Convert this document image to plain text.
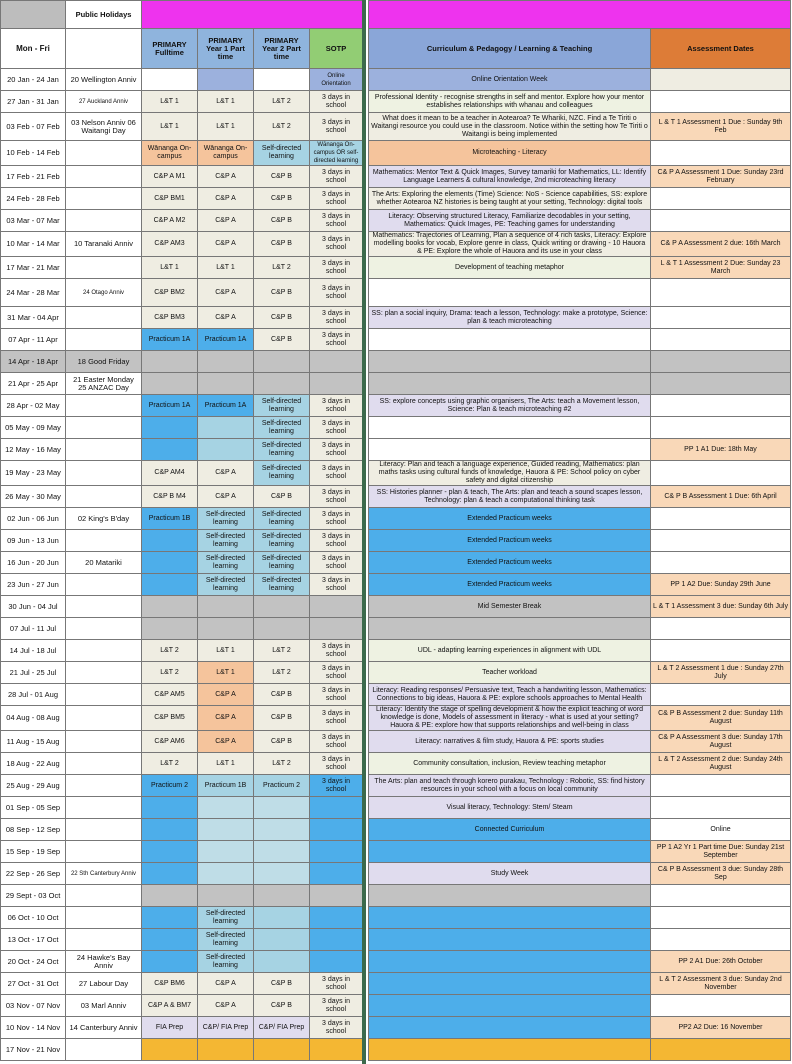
	Public Holidays							
Mon - Fri		PRIMARY Fulltime	PRIMARY Year 1 Part time	PRIMARY Year 2 Part time	SOTP		Curriculum & Pedagogy / Learning & Teaching	Assessment Dates
20 Jan - 24 Jan	20 Wellington Anniv				Online Orientation		Online Orientation Week	
27 Jan - 31 Jan	27 Auckland Anniv	L&T 1	L&T 1	L&T 2	3 days in school		Professional Identity - recognise strengths in self and mentor. Explore how your mentor establishes relationships with whanau and colleagues	
03 Feb - 07 Feb	03 Nelson Anniv 06 Waitangi Day	L&T 1	L&T 1	L&T 2	3 days in school		What does it mean to be a teacher in Aotearoa? Te Whariki, NZC. Find a Te Tiriti o Waitangi resource you could use in the classroom. Notice within the setting how Te Tiriti o Waitangi is being implemented	L & T 1 Assessment 1 Due : Sunday 9th Feb
10 Feb - 14 Feb		Wānanga On-campus	Wānanga On-campus	Self-directed learning	Wānanga On-campus OR self-directed learning		Microteaching - Literacy	
17 Feb - 21 Feb		C&P A M1	C&P A	C&P B	3 days in school		Mathematics: Mentor Text & Quick Images, Survey tamariki for Mathematics, LL: Identify Language Learners & cultural knowledge, 2nd microteaching literacy	C& P A Assessment 1 Due: Sunday 23rd February
24 Feb - 28 Feb		C&P BM1	C&P A	C&P B	3 days in school		The Arts: Exploring the elements (Time) Science: NoS - Science capabilities, SS: explore whether Aotearoa NZ histories is being taught at your setting, Technology: digital tools	
03 Mar - 07 Mar		C&P A M2	C&P A	C&P B	3 days in school		Literacy: Observing structured Literacy, Familiarize decodables in your setting, Mathematics: Quick Images, PE: Teaching games for understanding	
10 Mar - 14 Mar	10 Taranaki Anniv	C&P AM3	C&P A	C&P B	3 days in school		Mathematics: Trajectories of Learning, Plan a sequence of 4 rich tasks, Literacy: Explore modelling books for vocab, Explore genre in class, Quick writing or drawing - 10 Hauora & PE: Explore the whole of Hauora and its use in your class	C& P A Assessment 2 due: 16th March
17 Mar - 21 Mar		L&T 1	L&T 1	L&T 2	3 days in school		Development of teaching metaphor	L & T 1 Assessment 2 Due: Sunday 23 March
24 Mar - 28 Mar	24 Otago Anniv	C&P BM2	C&P A	C&P B	3 days in school			
31 Mar - 04 Apr		C&P BM3	C&P A	C&P B	3 days in school		SS: plan a social inquiry, Drama: teach a lesson, Technology: make a prototype, Science: plan & teach microteaching	
07 Apr - 11 Apr		Practicum 1A	Practicum 1A	C&P B	3 days in school			
14 Apr - 18 Apr	18 Good Friday							
21 Apr - 25 Apr	21 Easter Monday 25 ANZAC Day							
28 Apr - 02 May		Practicum 1A	Practicum 1A	Self-directed learning	3 days in school		SS: explore concepts using graphic organisers, The Arts: teach a Movement lesson, Science: Plan & teach microteaching #2	
05 May - 09 May				Self-directed learning	3 days in school			
12 May - 16 May				Self-directed learning	3 days in school			PP 1 A1 Due: 18th May
19 May - 23 May		C&P AM4	C&P A	Self-directed learning	3 days in school		Literacy: Plan and teach a language experience, Guided reading, Mathematics: plan maths tasks using cultural funds of knowledge, Hauora & PE: School policy on cyber safety and digital citizenship	
26 May - 30 May		C&P B M4	C&P A	C&P B	3 days in school		SS: Histories planner - plan & teach, The Arts: plan and teach a sound scapes lesson, Technology: plan & teach a computational thinking task	C& P B Assessment 1 Due: 6th April
02 Jun - 06 Jun	02 King's B'day	Practicum 1B	Self-directed learning	Self-directed learning	3 days in school		Extended Practicum weeks	
09 Jun - 13 Jun			Self-directed learning	Self-directed learning	3 days in school		Extended Practicum weeks	
16 Jun - 20 Jun	20 Matariki		Self-directed learning	Self-directed learning	3 days in school		Extended Practicum weeks	
23 Jun - 27 Jun			Self-directed learning	Self-directed learning	3 days in school		Extended Practicum weeks	PP 1 A2 Due: Sunday 29th June
30 Jun - 04 Jul							Mid Semester Break	L & T 1 Assessment 3 due: Sunday 6th July
07 Jul - 11 Jul								
14 Jul - 18 Jul		L&T 2	L&T 1	L&T 2	3 days in school		UDL - adapting learning experiences in alignment with UDL	
21 Jul - 25 Jul		L&T 2	L&T 1	L&T 2	3 days in school		Teacher workload	L & T 2 Assessment 1 due : Sunday 27th July
28 Jul - 01 Aug		C&P AM5	C&P A	C&P B	3 days in school		Literacy: Reading responses/ Persuasive text, Teach a handwriting lesson, Mathematics: Connections to big ideas, Hauora & PE: explore schools approaches to Mental Health	
04 Aug - 08 Aug		C&P BM5	C&P A	C&P B	3 days in school		Literacy: Identify the stage of spelling development & how the explicit teaching of word knowledge is done, Models of assessment in literacy - what is used at your setting? Hauora & PE: explore how that supports relationships and well-being in class	C& P B Assessment 2 due: Sunday 11th August
11 Aug - 15 Aug		C&P AM6	C&P A	C&P B	3 days in school		Literacy: narratives & film study, Hauora & PE: sports studies	C& P A Assessment 3 due: Sunday 17th August
18 Aug - 22 Aug		L&T 2	L&T 1	L&T 2	3 days in school		Community consultation, inclusion, Review teaching metaphor	L & T 2 Assessment 2 due: Sunday 24th August
25 Aug - 29 Aug		Practicum 2	Practicum 1B	Practicum 2	3 days in school		The Arts: plan and teach through korero purakau, Technology : Robotic, SS: find history resources in your school with a focus on local community	
01 Sep - 05 Sep							Visual literacy, Technology: Stem/ Steam	
08 Sep - 12 Sep							Connected Curriculum	Online
15 Sep - 19 Sep								PP 1 A2 Yr 1 Part time Due: Sunday 21st September
22 Sep - 26 Sep	22 Sth Canterbury Anniv						Study Week	C& P B Assessment 3 due: Sunday 28th Sep
29 Sept - 03 Oct								
06 Oct - 10 Oct			Self-directed learning					
13 Oct - 17 Oct			Self-directed learning					
20 Oct - 24 Oct	24 Hawke's Bay Anniv		Self-directed learning					PP 2 A1 Due: 26th October
27 Oct - 31 Oct	27 Labour Day	C&P BM6	C&P A	C&P B	3 days in school			L & T 2 Assessment 3 due: Sunday 2nd November
03 Nov - 07 Nov	03 Marl Anniv	C&P A & BM7	C&P A	C&P B	3 days in school			
10 Nov - 14 Nov	14 Canterbury Anniv	FIA Prep	C&P/ FIA Prep	C&P/ FIA Prep	3 days in school			PP2 A2 Due: 16 November
17 Nov - 21 Nov								
